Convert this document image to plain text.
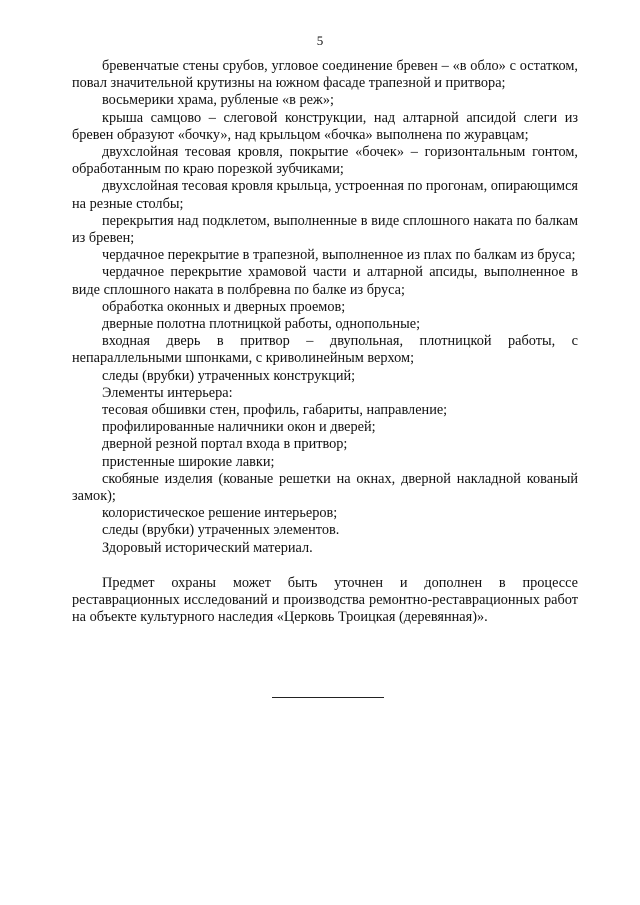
5

бревенчатые стены срубов, угловое соединение бревен – «в обло» с остатком, повал значительной крутизны на южном фасаде трапезной и притвора;

восьмерики храма, рубленые «в реж»;

крыша самцово – слеговой конструкции, над алтарной апсидой слеги из бревен образуют «бочку», над крыльцом «бочка» выполнена по журавцам;

двухслойная тесовая кровля, покрытие «бочек» – горизонтальным гонтом, обработанным по краю порезкой зубчиками;

двухслойная тесовая кровля крыльца, устроенная по прогонам, опирающимся на резные столбы;

перекрытия над подклетом, выполненные в виде сплошного наката по балкам из бревен;

чердачное перекрытие в трапезной, выполненное из плах по балкам из бруса;

чердачное перекрытие храмовой части и алтарной апсиды, выполненное в виде сплошного наката в полбревна по балке из бруса;

обработка оконных и дверных проемов;

дверные полотна плотницкой работы, однопольные;

входная дверь в притвор – двупольная, плотницкой работы, с непараллельными шпонками, с криволинейным верхом;

следы (врубки) утраченных конструкций;

Элементы интерьера:

тесовая обшивки стен, профиль, габариты, направление;

профилированные наличники окон и дверей;

дверной резной портал входа в притвор;

пристенные широкие лавки;

скобяные изделия (кованые решетки на окнах, дверной накладной кованый замок);

колористическое решение интерьеров;

следы (врубки) утраченных элементов.

Здоровый исторический материал.

Предмет охраны может быть уточнен и дополнен в процессе реставрационных исследований и производства ремонтно-реставрационных работ на объекте культурного наследия «Церковь Троицкая (деревянная)».
